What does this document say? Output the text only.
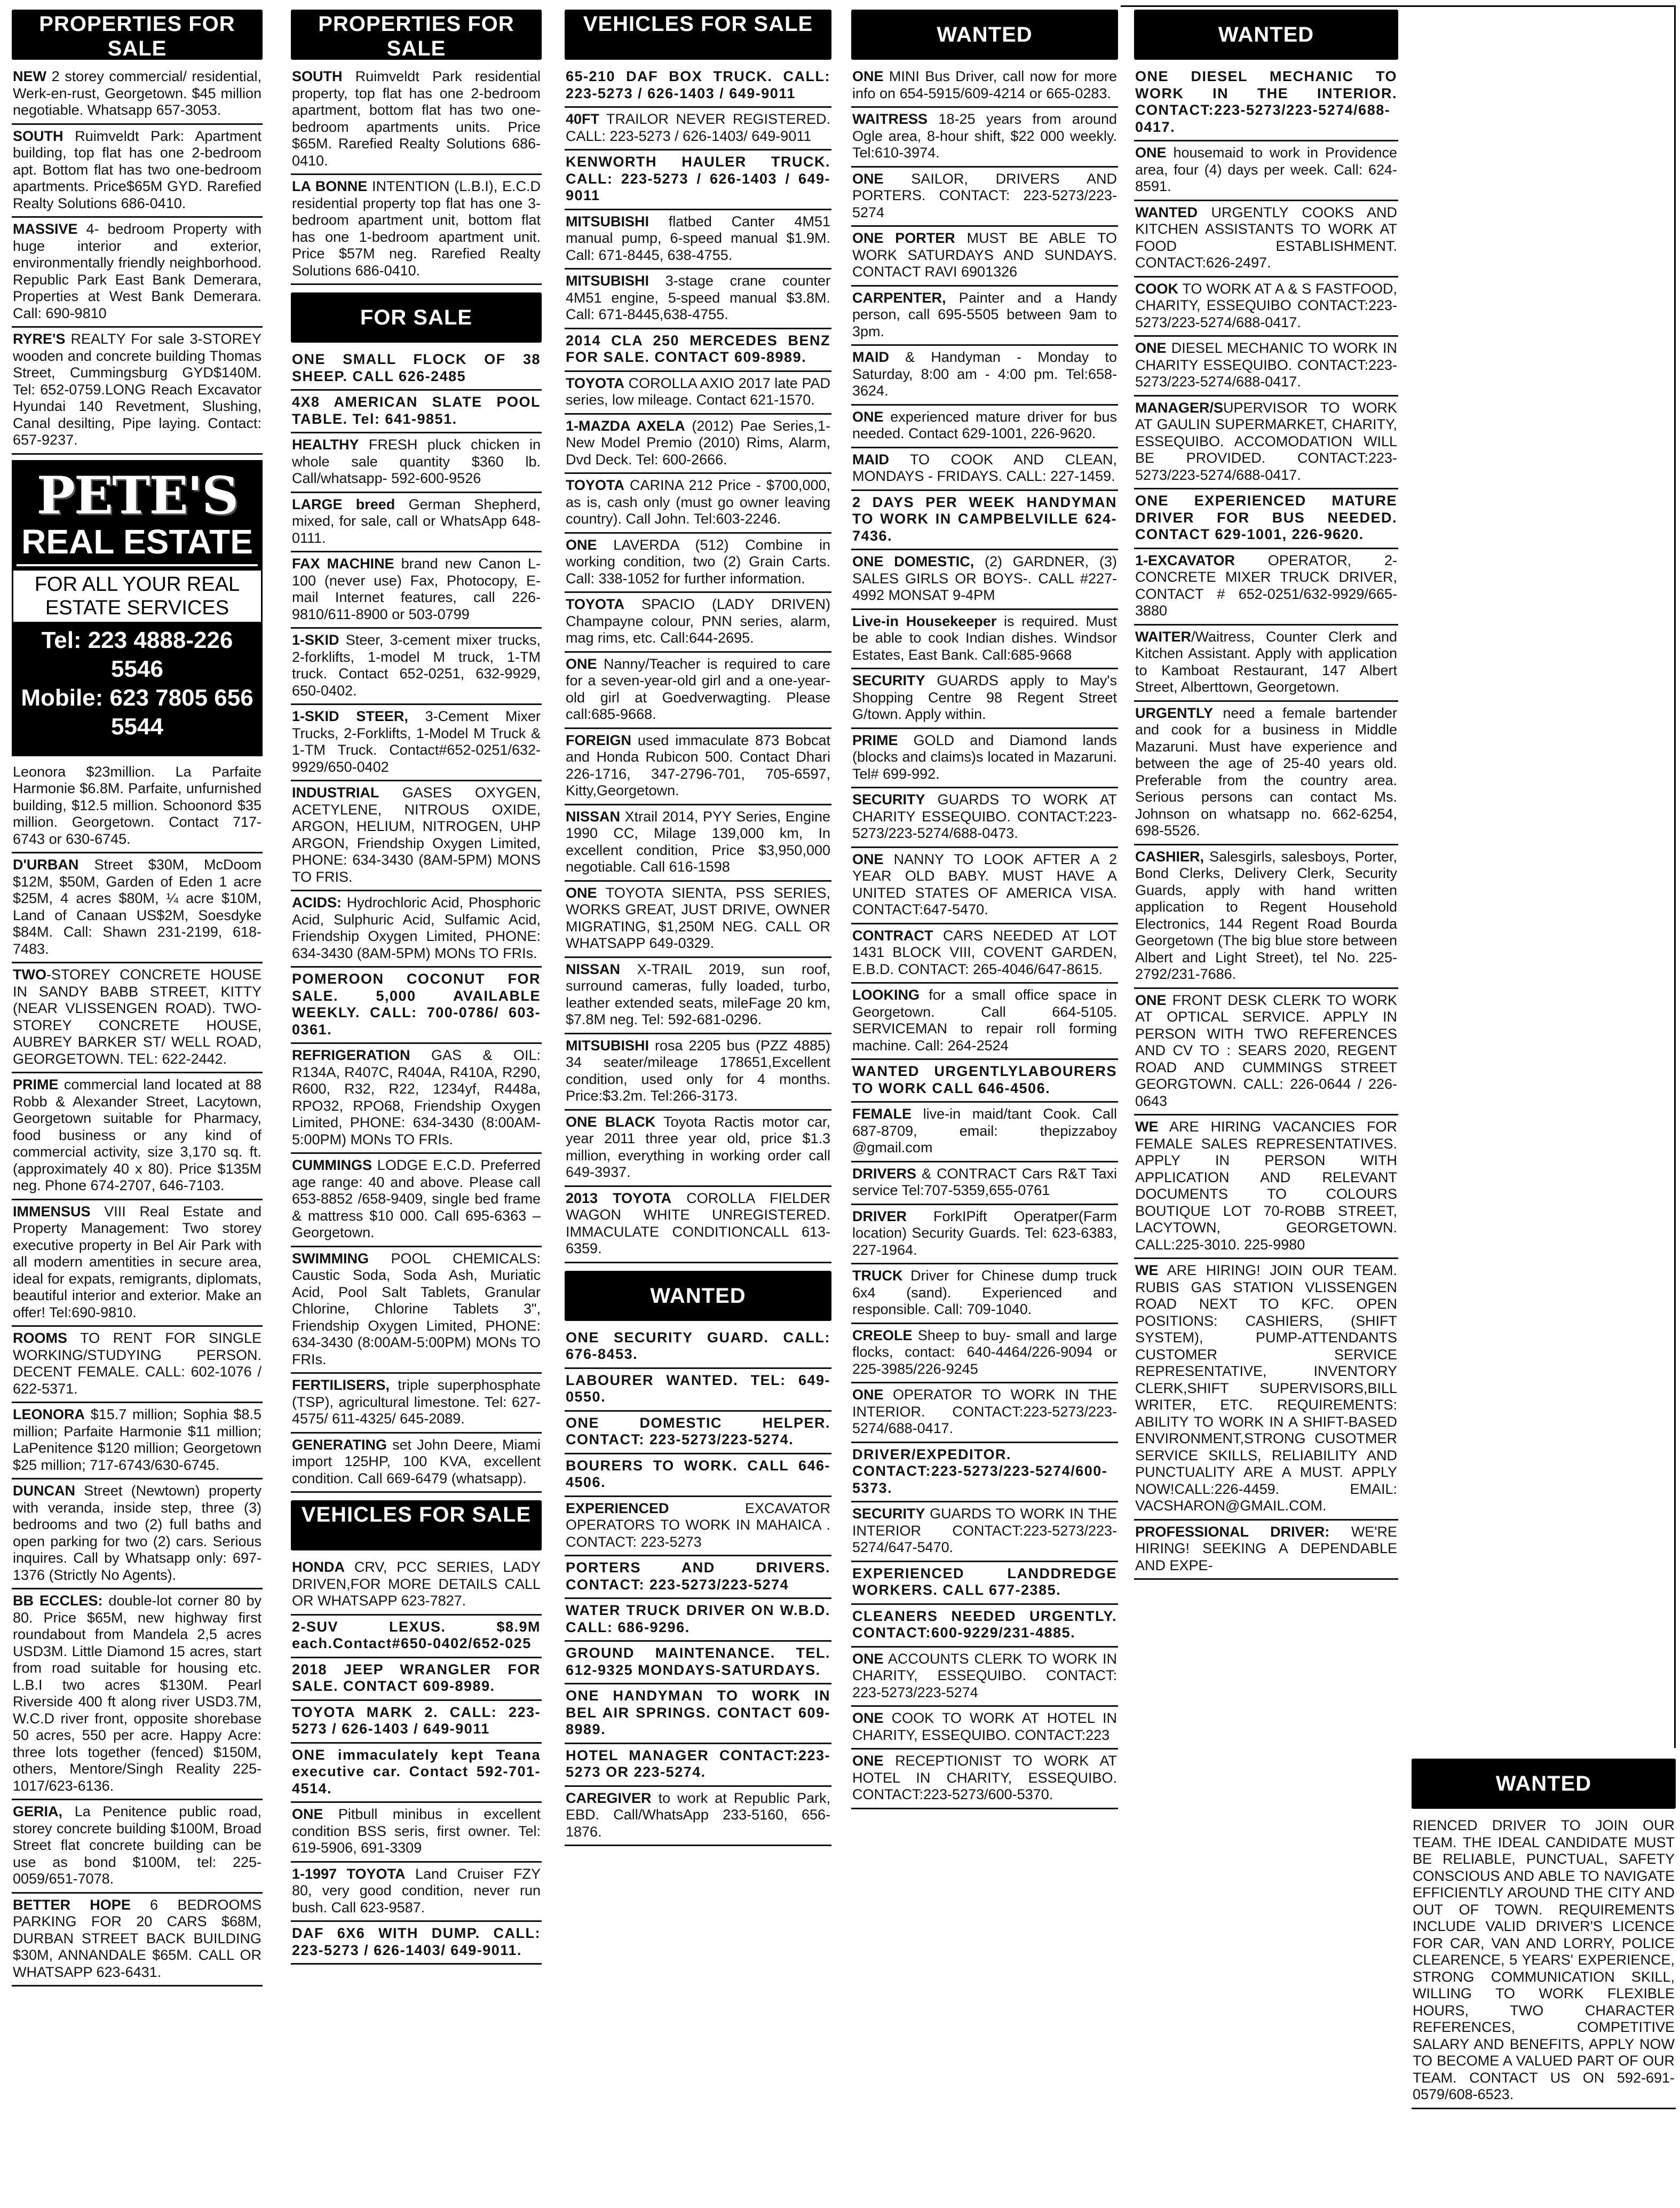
PROPERTIES FOR SALE
NEW 2 storey commercial/ residential, Werk-en-rust, Georgetown. $45 million negotiable. Whatsapp 657-3053.
SOUTH Ruimveldt Park: Apartment building, top flat has one 2-bedroom apt. Bottom flat has two one-bedroom apartments. Price$65M GYD. Rarefied Realty Solutions 686-0410.
MASSIVE 4- bedroom Property with huge interior and exterior, environmentally friendly neighborhood. Republic Park East Bank Demerara, Properties at West Bank Demerara. Call: 690-9810
RYRE'S REALTY For sale 3-STOREY wooden and concrete building Thomas Street, Cummingsburg GYD$140M. Tel: 652-0759.LONG Reach Excavator Hyundai 140 Revetment, Slushing, Canal desilting, Pipe laying. Contact: 657-9237.
PETE'S
REAL ESTATE
FOR ALL YOUR REAL ESTATE SERVICES
Tel: 223 4888-226 5546
Mobile: 623 7805 656 5544
Leonora $23million. La Parfaite Harmonie $6.8M. Parfaite, unfurnished building, $12.5 million. Schoonord $35 million. Georgetown. Contact 717-6743 or 630-6745.
D'URBAN Street $30M, McDoom $12M, $50M, Garden of Eden 1 acre $25M, 4 acres $80M, ¼ acre $10M, Land of Canaan US$2M, Soesdyke $84M. Call: Shawn 231-2199, 618-7483.
TWO-STOREY CONCRETE HOUSE IN SANDY BABB STREET, KITTY (NEAR VLISSENGEN ROAD). TWO-STOREY CONCRETE HOUSE, AUBREY BARKER ST/ WELL ROAD, GEORGETOWN. TEL: 622-2442.
PRIME commercial land located at 88 Robb & Alexander Street, Lacytown, Georgetown suitable for Pharmacy, food business or any kind of commercial activity, size 3,170 sq. ft. (approximately 40 x 80). Price $135M neg. Phone 674-2707, 646-7103.
IMMENSUS VIII Real Estate and Property Management: Two storey executive property in Bel Air Park with all modern amentities in secure area, ideal for expats, remigrants, diplomats, beautiful interior and exterior. Make an offer! Tel:690-9810.
ROOMS TO RENT FOR SINGLE WORKING/STUDYING PERSON. DECENT FEMALE. CALL: 602-1076 / 622-5371.
LEONORA $15.7 million; Sophia $8.5 million; Parfaite Harmonie $11 million; LaPenitence $120 million; Georgetown $25 million; 717-6743/630-6745.
DUNCAN Street (Newtown) property with veranda, inside step, three (3) bedrooms and two (2) full baths and open parking for two (2) cars. Serious inquires. Call by Whatsapp only: 697-1376 (Strictly No Agents).
BB ECCLES: double-lot corner 80 by 80. Price $65M, new highway first roundabout from Mandela 2,5 acres USD3M. Little Diamond 15 acres, start from road suitable for housing etc. L.B.I two acres $130M. Pearl Riverside 400 ft along river USD3.7M, W.C.D river front, opposite shorebase 50 acres, 550 per acre. Happy Acre: three lots together (fenced) $150M, others, Mentore/Singh Reality 225-1017/623-6136.
GERIA, La Penitence public road, storey concrete building $100M, Broad Street flat concrete building can be use as bond $100M, tel: 225-0059/651-7078.
BETTER HOPE 6 BEDROOMS PARKING FOR 20 CARS $68M, DURBAN STREET BACK BUILDING $30M, ANNANDALE $65M. CALL OR WHATSAPP 623-6431.
PROPERTIES FOR SALE
SOUTH Ruimveldt Park residential property, top flat has one 2-bedroom apartment, bottom flat has two one-bedroom apartments units. Price $65M. Rarefied Realty Solutions 686-0410.
LA BONNE INTENTION (L.B.I), E.C.D residential property top flat has one 3-bedroom apartment unit, bottom flat has one 1-bedroom apartment unit. Price $57M neg. Rarefied Realty Solutions 686-0410.
FOR SALE
ONE SMALL FLOCK OF 38 SHEEP. CALL 626-2485
4X8 AMERICAN SLATE POOL TABLE. Tel: 641-9851.
HEALTHY FRESH pluck chicken in whole sale quantity $360 lb. Call/whatsapp- 592-600-9526
LARGE breed German Shepherd, mixed, for sale, call or WhatsApp 648-0111.
FAX MACHINE brand new Canon L-100 (never use) Fax, Photocopy, E-mail Internet features, call 226-9810/611-8900 or 503-0799
1-SKID Steer, 3-cement mixer trucks, 2-forklifts, 1-model M truck, 1-TM truck. Contact 652-0251, 632-9929, 650-0402.
1-SKID STEER, 3-Cement Mixer Trucks, 2-Forklifts, 1-Model M Truck & 1-TM Truck. Contact#652-0251/632-9929/650-0402
INDUSTRIAL GASES OXYGEN, ACETYLENE, NITROUS OXIDE, ARGON, HELIUM, NITROGEN, UHP ARGON, Friendship Oxygen Limited, PHONE: 634-3430 (8AM-5PM) MONS TO FRIS.
ACIDS: Hydrochloric Acid, Phosphoric Acid, Sulphuric Acid, Sulfamic Acid, Friendship Oxygen Limited, PHONE: 634-3430 (8AM-5PM) MONs TO FRIs.
POMEROON COCONUT FOR SALE. 5,000 AVAILABLE WEEKLY. CALL: 700-0786/ 603-0361.
REFRIGERATION GAS & OIL: R134A, R407C, R404A, R410A, R290, R600, R32, R22, 1234yf, R448a, RPO32, RPO68, Friendship Oxygen Limited, PHONE: 634-3430 (8:00AM-5:00PM) MONs TO FRIs.
CUMMINGS LODGE E.C.D. Preferred age range: 40 and above. Please call 653-8852 /658-9409, single bed frame & mattress $10 000. Call 695-6363 – Georgetown.
SWIMMING POOL CHEMICALS: Caustic Soda, Soda Ash, Muriatic Acid, Pool Salt Tablets, Granular Chlorine, Chlorine Tablets 3", Friendship Oxygen Limited, PHONE: 634-3430 (8:00AM-5:00PM) MONs TO FRIs.
FERTILISERS, triple superphosphate (TSP), agricultural limestone. Tel: 627-4575/ 611-4325/ 645-2089.
GENERATING set John Deere, Miami import 125HP, 100 KVA, excellent condition. Call 669-6479 (whatsapp).
VEHICLES FOR SALE
HONDA CRV, PCC SERIES, LADY DRIVEN,FOR MORE DETAILS CALL OR WHATSAPP 623-7827.
2-SUV LEXUS. $8.9M each.Contact#650-0402/652-025
2018 JEEP WRANGLER FOR SALE. CONTACT 609-8989.
TOYOTA MARK 2. CALL: 223-5273 / 626-1403 / 649-9011
ONE immaculately kept Teana executive car. Contact 592-701-4514.
ONE Pitbull minibus in excellent condition BSS seris, first owner. Tel: 619-5906, 691-3309
1-1997 TOYOTA Land Cruiser FZY 80, very good condition, never run bush. Call 623-9587.
DAF 6X6 WITH DUMP. CALL: 223-5273 / 626-1403/ 649-9011.
VEHICLES FOR SALE
65-210 DAF BOX TRUCK. CALL: 223-5273 / 626-1403 / 649-9011
40FT TRAILOR NEVER REGISTERED. CALL: 223-5273 / 626-1403/ 649-9011
KENWORTH HAULER TRUCK. CALL: 223-5273 / 626-1403 / 649-9011
MITSUBISHI flatbed Canter 4M51 manual pump, 6-speed manual $1.9M. Call: 671-8445, 638-4755.
MITSUBISHI 3-stage crane counter 4M51 engine, 5-speed manual $3.8M. Call: 671-8445,638-4755.
2014 CLA 250 MERCEDES BENZ FOR SALE. CONTACT 609-8989.
TOYOTA COROLLA AXIO 2017 late PAD series, low mileage. Contact 621-1570.
1-MAZDA AXELA (2012) Pae Series,1- New Model Premio (2010) Rims, Alarm, Dvd Deck. Tel: 600-2666.
TOYOTA CARINA 212 Price - $700,000, as is, cash only (must go owner leaving country). Call John. Tel:603-2246.
ONE LAVERDA (512) Combine in working condition, two (2) Grain Carts. Call: 338-1052 for further information.
TOYOTA SPACIO (LADY DRIVEN) Champayne colour, PNN series, alarm, mag rims, etc. Call:644-2695.
ONE Nanny/Teacher is required to care for a seven-year-old girl and a one-year-old girl at Goedverwagting. Please call:685-9668.
FOREIGN used immaculate 873 Bobcat and Honda Rubicon 500. Contact Dhari 226-1716, 347-2796-701, 705-6597, Kitty,Georgetown.
NISSAN Xtrail 2014, PYY Series, Engine 1990 CC, Milage 139,000 km, In excellent condition, Price $3,950,000 negotiable. Call 616-1598
ONE TOYOTA SIENTA, PSS SERIES, WORKS GREAT, JUST DRIVE, OWNER MIGRATING, $1,250M NEG. CALL OR WHATSAPP 649-0329.
NISSAN X-TRAIL 2019, sun roof, surround cameras, fully loaded, turbo, leather extended seats, mileFage 20 km, $7.8M neg. Tel: 592-681-0296.
MITSUBISHI rosa 2205 bus (PZZ 4885) 34 seater/mileage 178651,Excellent condition, used only for 4 months. Price:$3.2m. Tel:266-3173.
ONE BLACK Toyota Ractis motor car, year 2011 three year old, price $1.3 million, everything in working order call 649-3937.
2013 TOYOTA COROLLA FIELDER WAGON WHITE UNREGISTERED. IMMACULATE CONDITIONCALL 613-6359.
WANTED
ONE SECURITY GUARD. CALL: 676-8453.
LABOURER WANTED. TEL: 649-0550.
ONE DOMESTIC HELPER. CONTACT: 223-5273/223-5274.
BOURERS TO WORK. CALL 646-4506.
EXPERIENCED EXCAVATOR OPERATORS TO WORK IN MAHAICA . CONTACT: 223-5273
PORTERS AND DRIVERS. CONTACT: 223-5273/223-5274
WATER TRUCK DRIVER ON W.B.D. CALL: 686-9296.
GROUND MAINTENANCE. TEL. 612-9325 MONDAYS-SATURDAYS.
ONE HANDYMAN TO WORK IN BEL AIR SPRINGS. CONTACT 609-8989.
HOTEL MANAGER CONTACT:223-5273 OR 223-5274.
CAREGIVER to work at Republic Park, EBD. Call/WhatsApp 233-5160, 656-1876.
WANTED
ONE MINI Bus Driver, call now for more info on 654-5915/609-4214 or 665-0283.
WAITRESS 18-25 years from around Ogle area, 8-hour shift, $22 000 weekly. Tel:610-3974.
ONE SAILOR, DRIVERS AND PORTERS. CONTACT: 223-5273/223-5274
ONE PORTER MUST BE ABLE TO WORK SATURDAYS AND SUNDAYS. CONTACT RAVI 6901326
CARPENTER, Painter and a Handy person, call 695-5505 between 9am to 3pm.
MAID & Handyman - Monday to Saturday, 8:00 am - 4:00 pm. Tel:658-3624.
ONE experienced mature driver for bus needed. Contact 629-1001, 226-9620.
MAID TO COOK AND CLEAN, MONDAYS - FRIDAYS. CALL: 227-1459.
2 DAYS PER WEEK HANDYMAN TO WORK IN CAMPBELVILLE 624-7436.
ONE DOMESTIC, (2) GARDNER, (3) SALES GIRLS OR BOYS-. CALL #227-4992 MONSAT 9-4PM
Live-in Housekeeper is required. Must be able to cook Indian dishes. Windsor Estates, East Bank. Call:685-9668
SECURITY GUARDS apply to May's Shopping Centre 98 Regent Street G/town. Apply within.
PRIME GOLD and Diamond lands (blocks and claims)s located in Mazaruni. Tel# 699-992.
SECURITY GUARDS TO WORK AT CHARITY ESSEQUIBO. CONTACT:223-5273/223-5274/688-0473.
ONE NANNY TO LOOK AFTER A 2 YEAR OLD BABY. MUST HAVE A UNITED STATES OF AMERICA VISA. CONTACT:647-5470.
CONTRACT CARS NEEDED AT LOT 1431 BLOCK VIII, COVENT GARDEN, E.B.D. CONTACT: 265-4046/647-8615.
LOOKING for a small office space in Georgetown. Call 664-5105. SERVICEMAN to repair roll forming machine. Call: 264-2524
WANTED URGENTLYLABOURERS TO WORK CALL 646-4506.
FEMALE live-in maid/tant Cook. Call 687-8709, email: thepizzaboy @gmail.com
DRIVERS & CONTRACT Cars R&T Taxi service Tel:707-5359,655-0761
DRIVER ForkIPift Operatper(Farm location) Security Guards. Tel: 623-6383, 227-1964.
TRUCK Driver for Chinese dump truck 6x4 (sand). Experienced and responsible. Call: 709-1040.
CREOLE Sheep to buy- small and large flocks, contact: 640-4464/226-9094 or 225-3985/226-9245
ONE OPERATOR TO WORK IN THE INTERIOR. CONTACT:223-5273/223-5274/688-0417.
DRIVER/EXPEDITOR. CONTACT:223-5273/223-5274/600-5373.
SECURITY GUARDS TO WORK IN THE INTERIOR CONTACT:223-5273/223-5274/647-5470.
EXPERIENCED LANDDREDGE WORKERS. CALL 677-2385.
CLEANERS NEEDED URGENTLY. CONTACT:600-9229/231-4885.
ONE ACCOUNTS CLERK TO WORK IN CHARITY, ESSEQUIBO. CONTACT: 223-5273/223-5274
ONE COOK TO WORK AT HOTEL IN CHARITY, ESSEQUIBO. CONTACT:223
ONE RECEPTIONIST TO WORK AT HOTEL IN CHARITY, ESSEQUIBO. CONTACT:223-5273/600-5370.
WANTED
ONE DIESEL MECHANIC TO WORK IN THE INTERIOR. CONTACT:223-5273/223-5274/688-0417.
ONE housemaid to work in Providence area, four (4) days per week. Call: 624-8591.
WANTED URGENTLY COOKS AND KITCHEN ASSISTANTS TO WORK AT FOOD ESTABLISHMENT. CONTACT:626-2497.
COOK TO WORK AT A & S FASTFOOD, CHARITY, ESSEQUIBO CONTACT:223-5273/223-5274/688-0417.
ONE DIESEL MECHANIC TO WORK IN CHARITY ESSEQUIBO. CONTACT:223-5273/223-5274/688-0417.
MANAGER/SUPERVISOR TO WORK AT GAULIN SUPERMARKET, CHARITY, ESSEQUIBO. ACCOMODATION WILL BE PROVIDED. CONTACT:223-5273/223-5274/688-0417.
ONE EXPERIENCED MATURE DRIVER FOR BUS NEEDED. CONTACT 629-1001, 226-9620.
1-EXCAVATOR OPERATOR, 2- CONCRETE MIXER TRUCK DRIVER, CONTACT # 652-0251/632-9929/665-3880
WAITER/Waitress, Counter Clerk and Kitchen Assistant. Apply with application to Kamboat Restaurant, 147 Albert Street, Alberttown, Georgetown.
URGENTLY need a female bartender and cook for a business in Middle Mazaruni. Must have experience and between the age of 25-40 years old. Preferable from the country area. Serious persons can contact Ms. Johnson on whatsapp no. 662-6254, 698-5526.
CASHIER, Salesgirls, salesboys, Porter, Bond Clerks, Delivery Clerk, Security Guards, apply with hand written application to Regent Household Electronics, 144 Regent Road Bourda Georgetown (The big blue store between Albert and Light Street), tel No. 225-2792/231-7686.
ONE FRONT DESK CLERK TO WORK AT OPTICAL SERVICE. APPLY IN PERSON WITH TWO REFERENCES AND CV TO : SEARS 2020, REGENT ROAD AND CUMMINGS STREET GEORGTOWN. CALL: 226-0644 / 226-0643
WE ARE HIRING VACANCIES FOR FEMALE SALES REPRESENTATIVES. APPLY IN PERSON WITH APPLICATION AND RELEVANT DOCUMENTS TO COLOURS BOUTIQUE LOT 70-ROBB STREET, LACYTOWN, GEORGETOWN. CALL:225-3010. 225-9980
WE ARE HIRING! JOIN OUR TEAM. RUBIS GAS STATION VLISSENGEN ROAD NEXT TO KFC. OPEN POSITIONS: CASHIERS, (SHIFT SYSTEM), PUMP-ATTENDANTS CUSTOMER SERVICE REPRESENTATIVE, INVENTORY CLERK,SHIFT SUPERVISORS,BILL WRITER, ETC. REQUIREMENTS: ABILITY TO WORK IN A SHIFT-BASED ENVIRONMENT,STRONG CUSOTMER SERVICE SKILLS, RELIABILITY AND PUNCTUALITY ARE A MUST. APPLY NOW!CALL:226-4459. EMAIL: VACSHARON@GMAIL.COM.
PROFESSIONAL DRIVER: WE'RE HIRING! SEEKING A DEPENDABLE AND EXPE-
WANTED
RIENCED DRIVER TO JOIN OUR TEAM. THE IDEAL CANDIDATE MUST BE RELIABLE, PUNCTUAL, SAFETY CONSCIOUS AND ABLE TO NAVIGATE EFFICIENTLY AROUND THE CITY AND OUT OF TOWN. REQUIREMENTS INCLUDE VALID DRIVER'S LICENCE FOR CAR, VAN AND LORRY, POLICE CLEARENCE, 5 YEARS' EXPERIENCE, STRONG COMMUNICATION SKILL, WILLING TO WORK FLEXIBLE HOURS, TWO CHARACTER REFERENCES, COMPETITIVE SALARY AND BENEFITS, APPLY NOW TO BECOME A VALUED PART OF OUR TEAM. CONTACT US ON 592-691-0579/608-6523.
